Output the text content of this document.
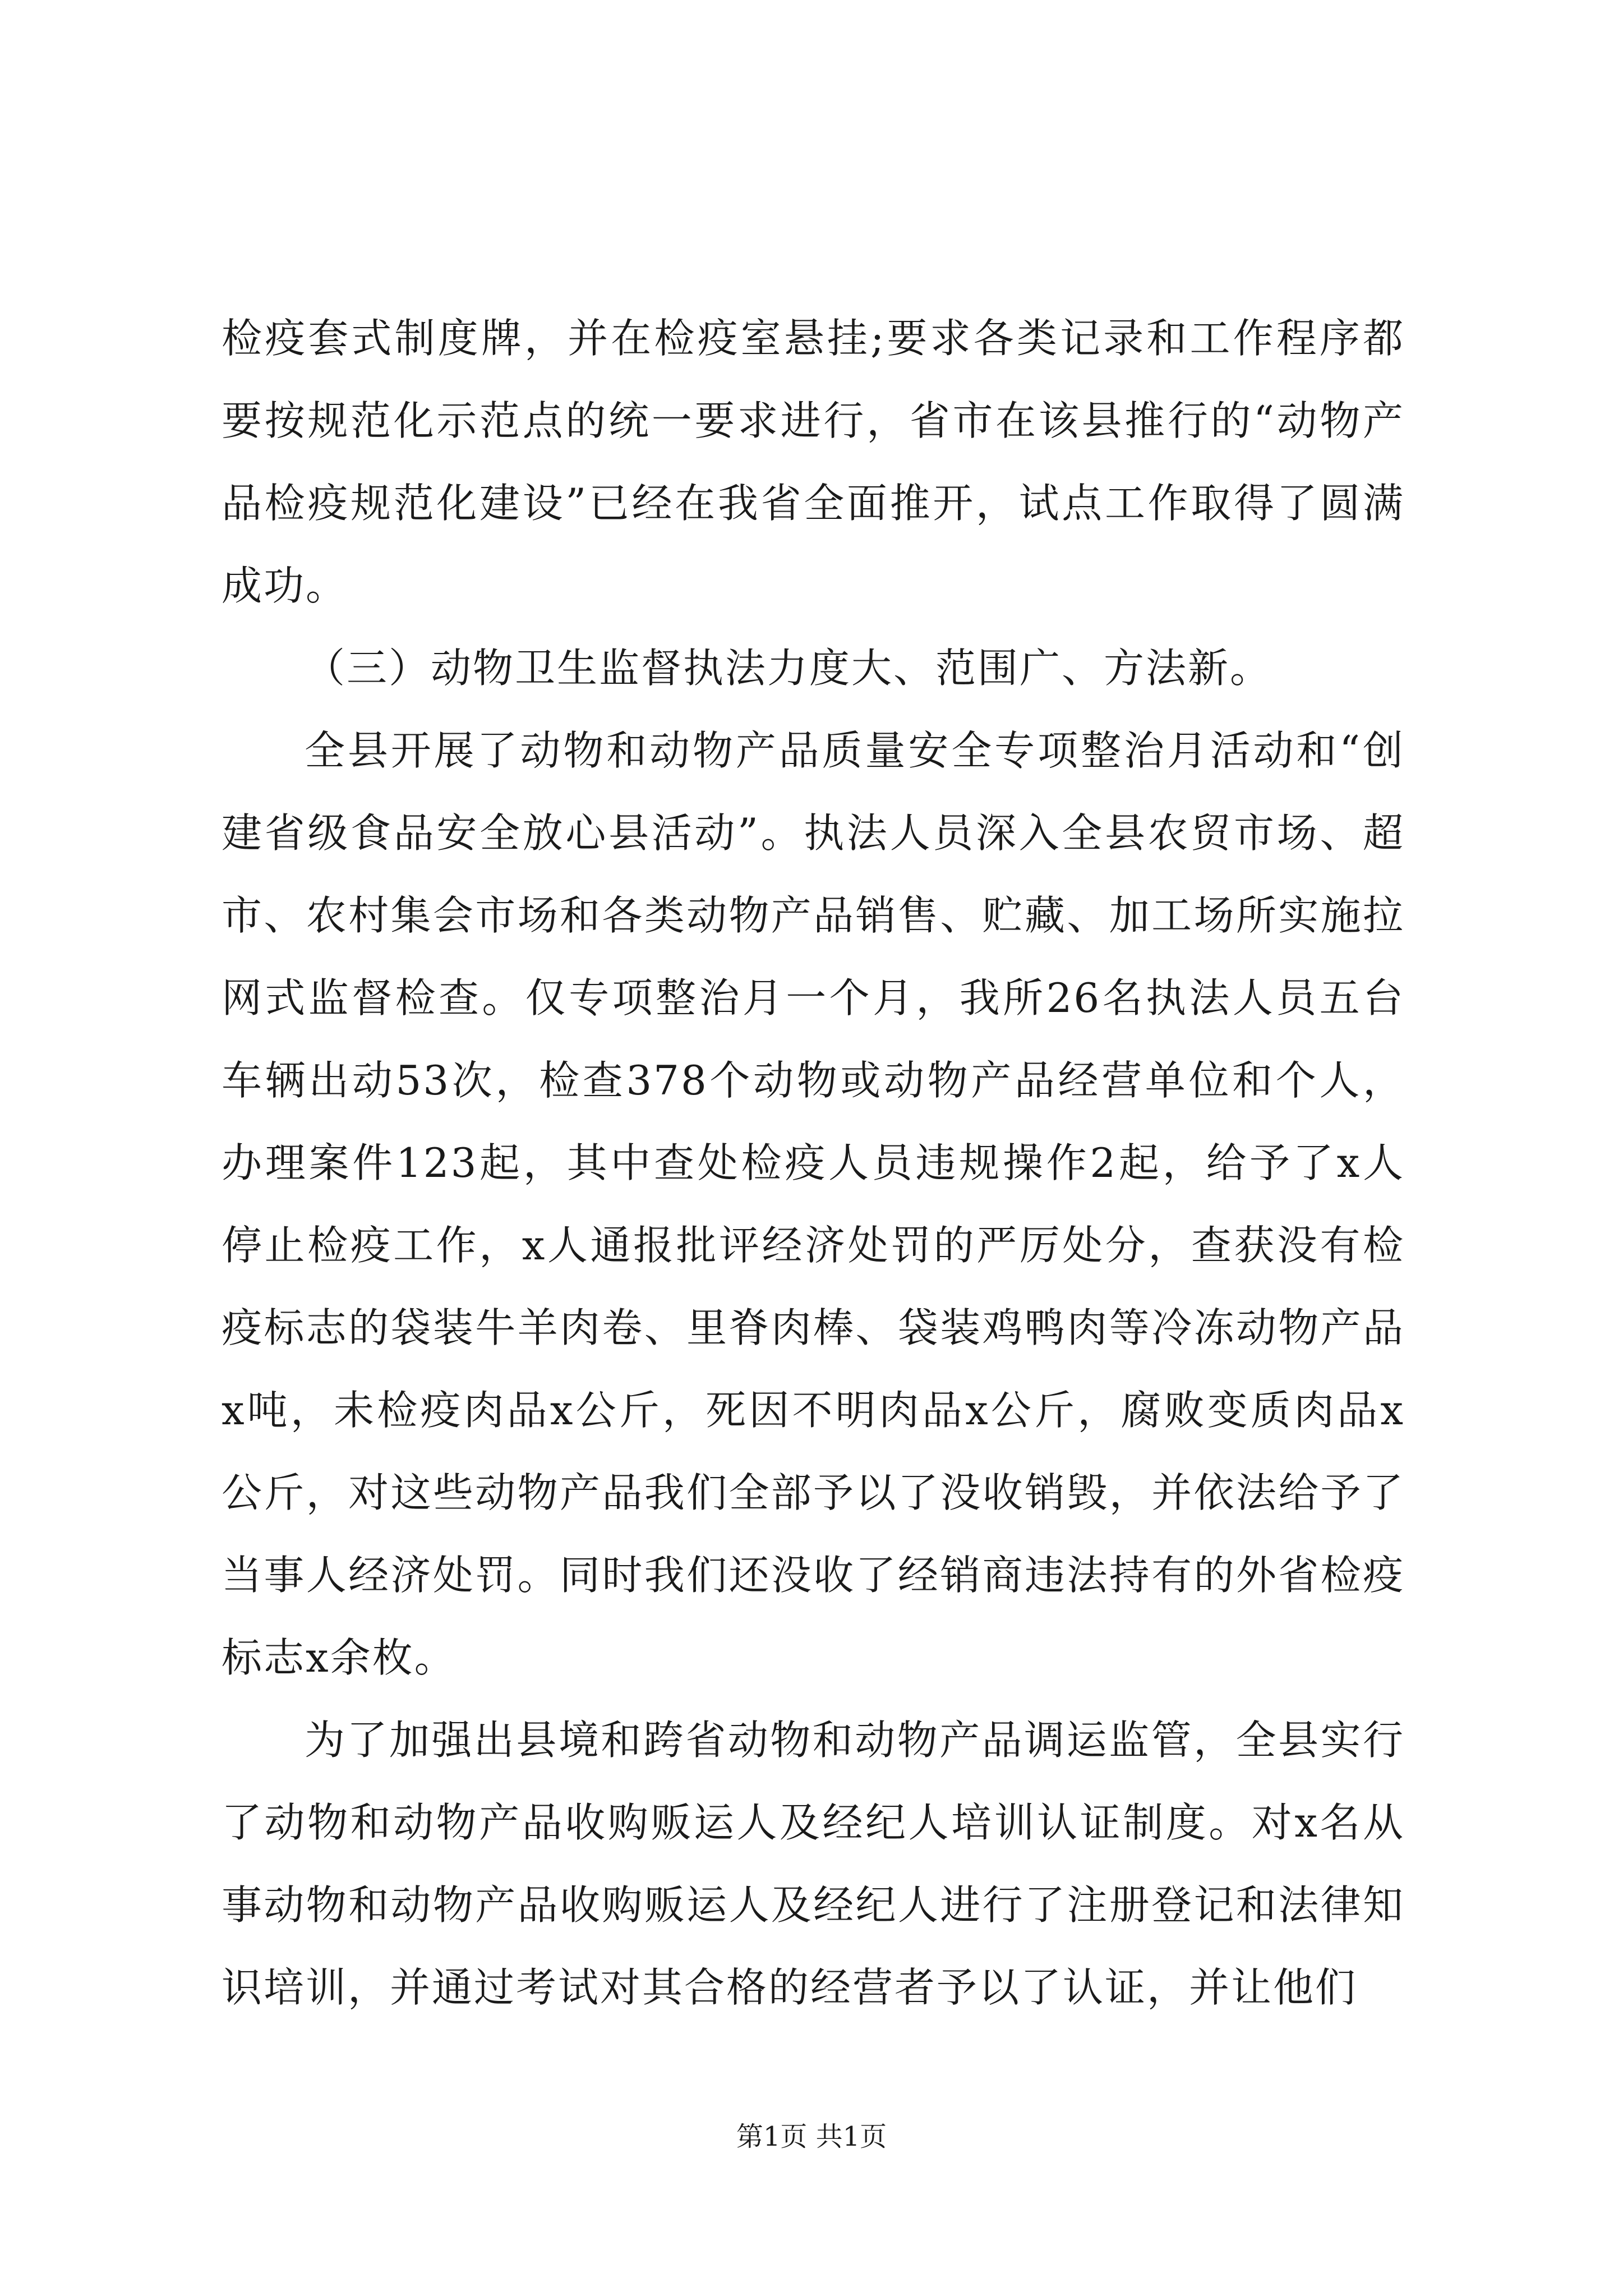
检疫套式制度牌，并在检疫室悬挂;要求各类记录和工作程序都要按规范化示范点的统一要求进行，省市在该县推行的“动物产品检疫规范化建设”已经在我省全面推开，试点工作取得了圆满成功。

（三）动物卫生监督执法力度大、范围广、方法新。

全县开展了动物和动物产品质量安全专项整治月活动和“创建省级食品安全放心县活动”。执法人员深入全县农贸市场、超市、农村集会市场和各类动物产品销售、贮藏、加工场所实施拉网式监督检查。仅专项整治月一个月，我所26名执法人员五台车辆出动53次，检查378个动物或动物产品经营单位和个人，办理案件123起，其中查处检疫人员违规操作2起，给予了x人停止检疫工作，x人通报批评经济处罚的严厉处分，查获没有检疫标志的袋装牛羊肉卷、里脊肉棒、袋装鸡鸭肉等冷冻动物产品x吨，未检疫肉品x公斤，死因不明肉品x公斤，腐败变质肉品x公斤，对这些动物产品我们全部予以了没收销毁，并依法给予了当事人经济处罚。同时我们还没收了经销商违法持有的外省检疫标志x余枚。

为了加强出县境和跨省动物和动物产品调运监管，全县实行了动物和动物产品收购贩运人及经纪人培训认证制度。对x名从事动物和动物产品收购贩运人及经纪人进行了注册登记和法律知识培训，并通过考试对其合格的经营者予以了认证，并让他们

第1页 共1页
